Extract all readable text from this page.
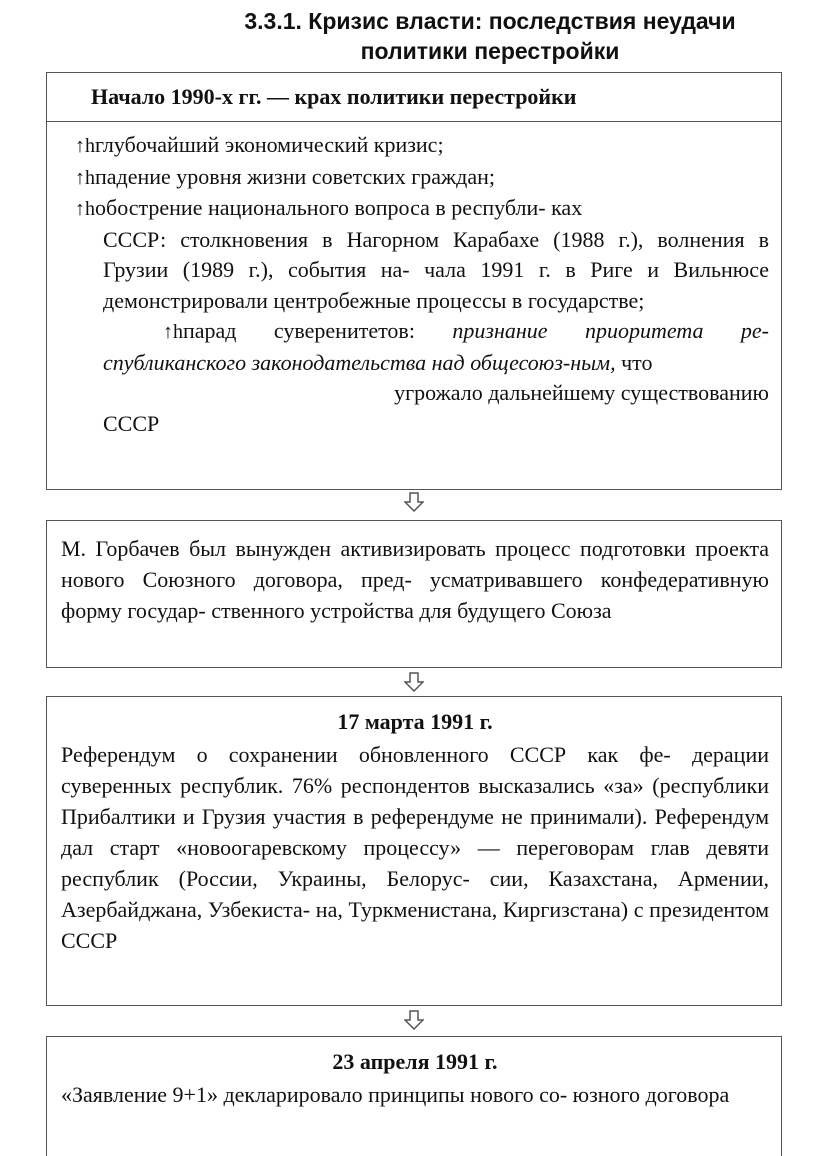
3.3.1. Кризис власти: последствия неудачи
политики перестройки
Начало 1990-х гг. — крах политики перестройки
↑hглубочайший экономический кризис;
↑hпадение уровня жизни советских граждан;
↑hобострение национального вопроса в республи- ках
СССР: столкновения в Нагорном Карабахе (1988 г.), волнения в Грузии (1989 г.), события на- чала 1991 г. в Риге и Вильнюсе демонстрировали центробежные процессы в государстве;
↑hпарад суверенитетов: признание приоритета ре- спубликанского законодательства над общесоюз-ным, что
угрожало дальнейшему существованию
СССР
М. Горбачев был вынужден активизировать процесс подготовки проекта нового Союзного договора, пред- усматривавшего конфедеративную форму государ- ственного устройства для будущего Союза
17 марта 1991 г.
Референдум о сохранении обновленного СССР как фе- дерации суверенных республик. 76% респондентов высказались «за» (республики Прибалтики и Грузия участия в референдуме не принимали). Референдум дал старт «новоогаревскому процессу» — переговорам глав девяти республик (России, Украины, Белорус- сии, Казахстана, Армении, Азербайджана, Узбекиста- на, Туркменистана, Киргизстана) с президентом СССР
23 апреля 1991 г.
«Заявление 9+1» декларировало принципы нового со- юзного договора
